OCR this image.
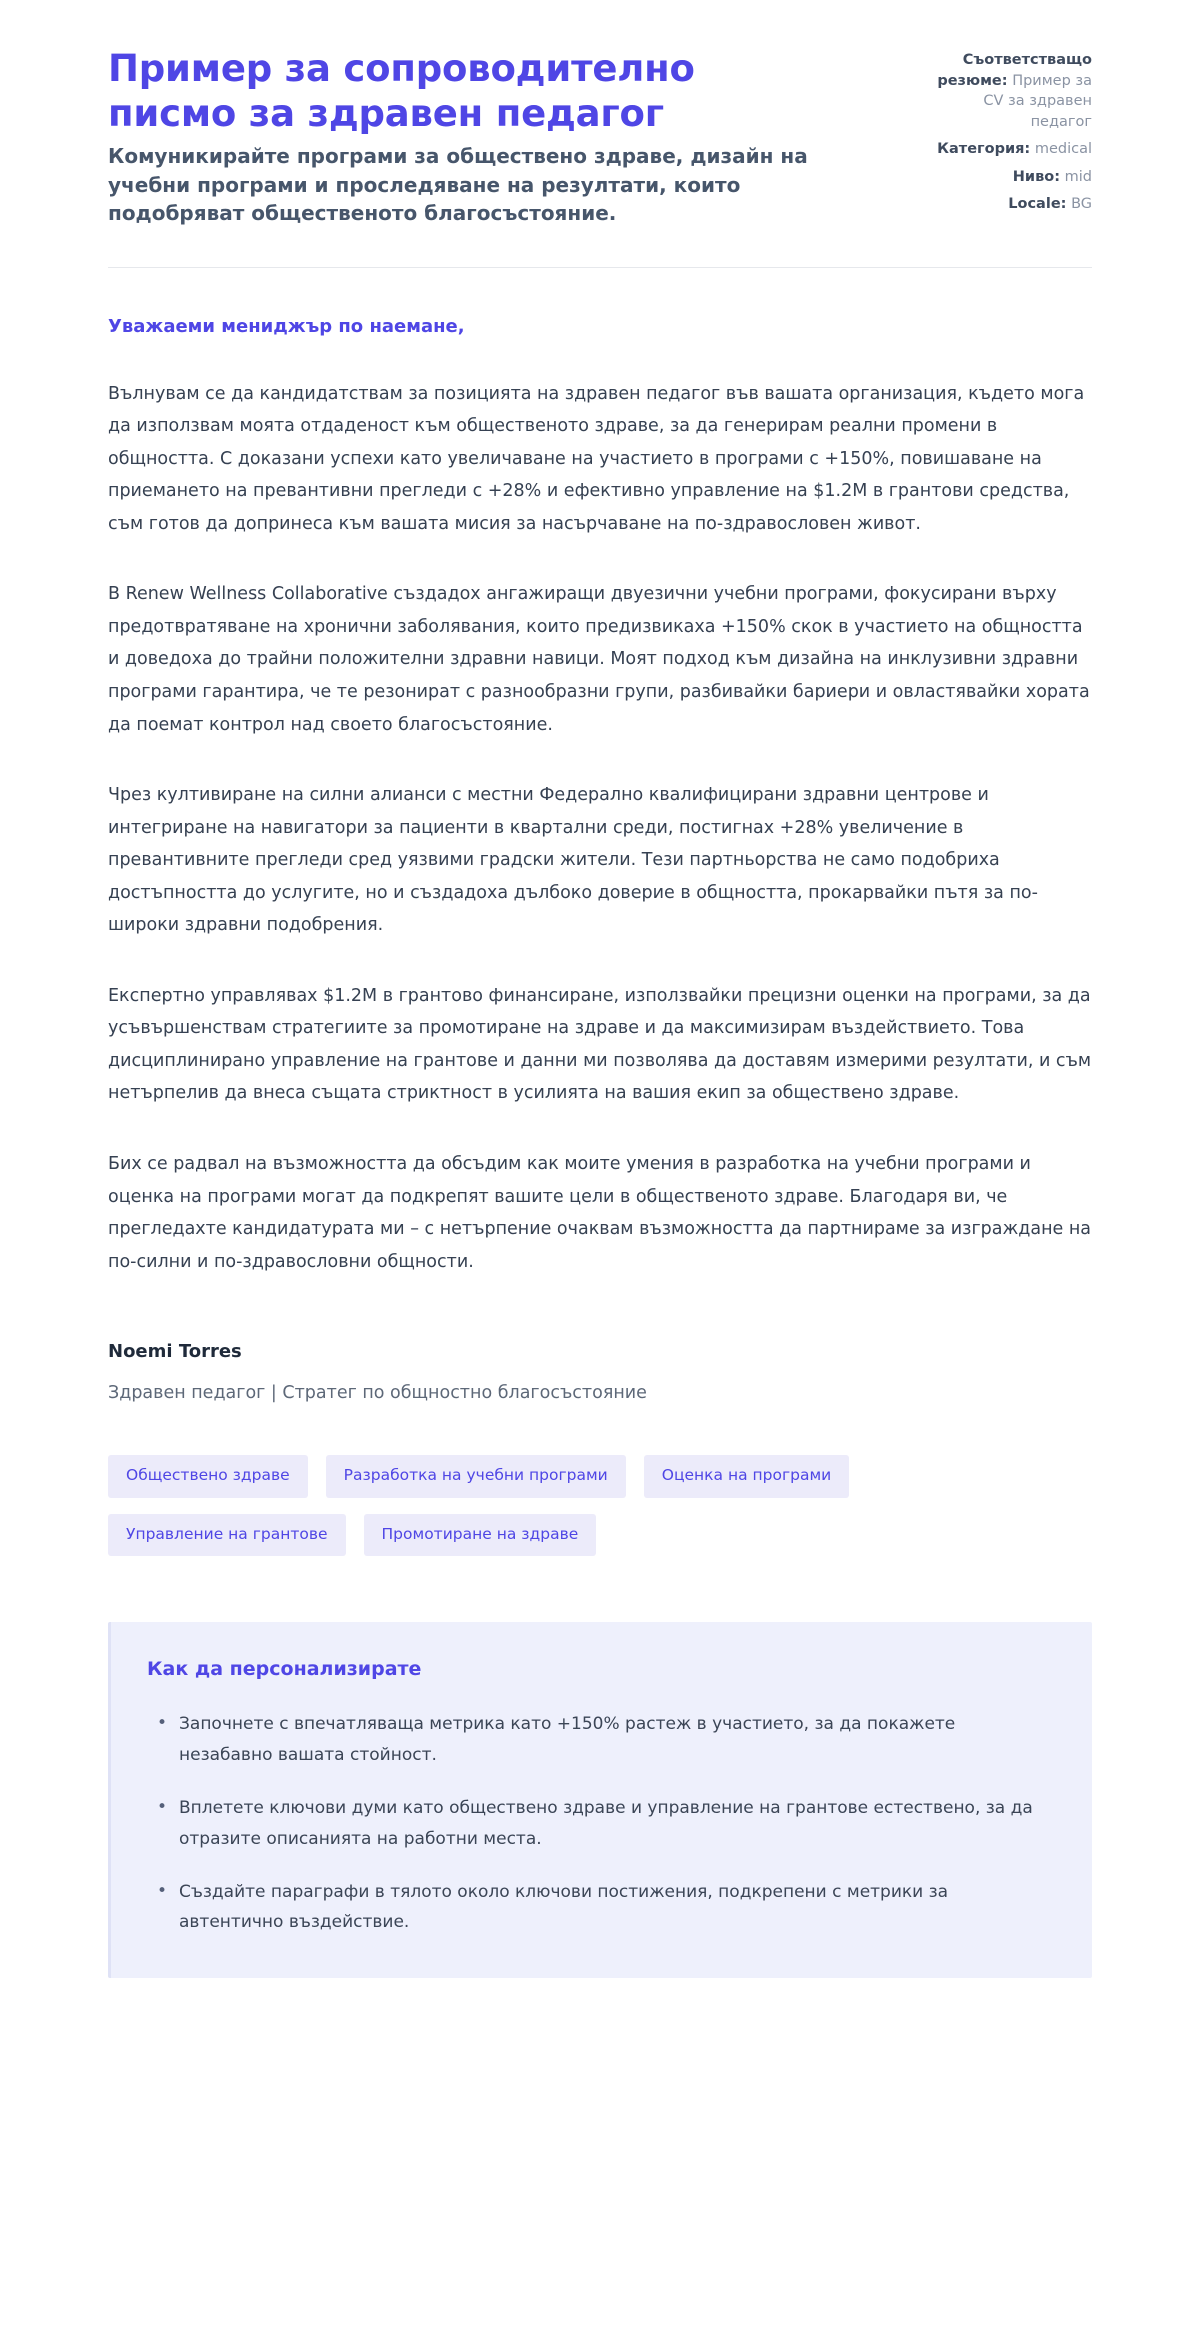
Пример за сопроводително писмо за здравен педагог

Комуникирайте програми за обществено здраве, дизайн на учебни програми и проследяване на резултати, които подобряват общественото благосъстояние.

Съответстващо резюме: Пример за CV за здравен педагог
Категория: medical
Ниво: mid
Locale: BG

Уважаеми мениджър по наемане,

Вълнувам се да кандидатствам за позицията на здравен педагог във вашата организация, където мога да използвам моята отдаденост към общественото здраве, за да генерирам реални промени в общността. С доказани успехи като увеличаване на участието в програми с +150%, повишаване на приемането на превантивни прегледи с +28% и ефективно управление на $1.2M в грантови средства, съм готов да допринеса към вашата мисия за насърчаване на по-здравословен живот.

В Renew Wellness Collaborative създадох ангажиращи двуезични учебни програми, фокусирани върху предотвратяване на хронични заболявания, които предизвикаха +150% скок в участието на общността и доведоха до трайни положителни здравни навици. Моят подход към дизайна на инклузивни здравни програми гарантира, че те резонират с разнообразни групи, разбивайки бариери и овластявайки хората да поемат контрол над своето благосъстояние.

Чрез култивиране на силни алианси с местни Федерално квалифицирани здравни центрове и интегриране на навигатори за пациенти в квартални среди, постигнах +28% увеличение в превантивните прегледи сред уязвими градски жители. Тези партньорства не само подобриха достъпността до услугите, но и създадоха дълбоко доверие в общността, прокарвайки пътя за по-широки здравни подобрения.

Експертно управлявах $1.2M в грантово финансиране, използвайки прецизни оценки на програми, за да усъвършенствам стратегиите за промотиране на здраве и да максимизирам въздействието. Това дисциплинирано управление на грантове и данни ми позволява да доставям измерими резултати, и съм нетърпелив да внеса същата стриктност в усилията на вашия екип за обществено здраве.

Бих се радвал на възможността да обсъдим как моите умения в разработка на учебни програми и оценка на програми могат да подкрепят вашите цели в общественото здраве. Благодаря ви, че прегледахте кандидатурата ми – с нетърпение очаквам възможността да партнираме за изграждане на по-силни и по-здравословни общности.

Noemi Torres

Здравен педагог | Стратег по общностно благосъстояние

Обществено здраве	Разработка на учебни програми	Оценка на програми
Управление на грантове	Промотиране на здраве
Как да персонализирате
• Започнете с впечатляваща метрика като +150% растеж в участието, за да покажете незабавно вашата стойност.
• Вплетете ключови думи като обществено здраве и управление на грантове естествено, за да отразите описанията на работни места.
• Създайте параграфи в тялото около ключови постижения, подкрепени с метрики за автентично въздействие.
